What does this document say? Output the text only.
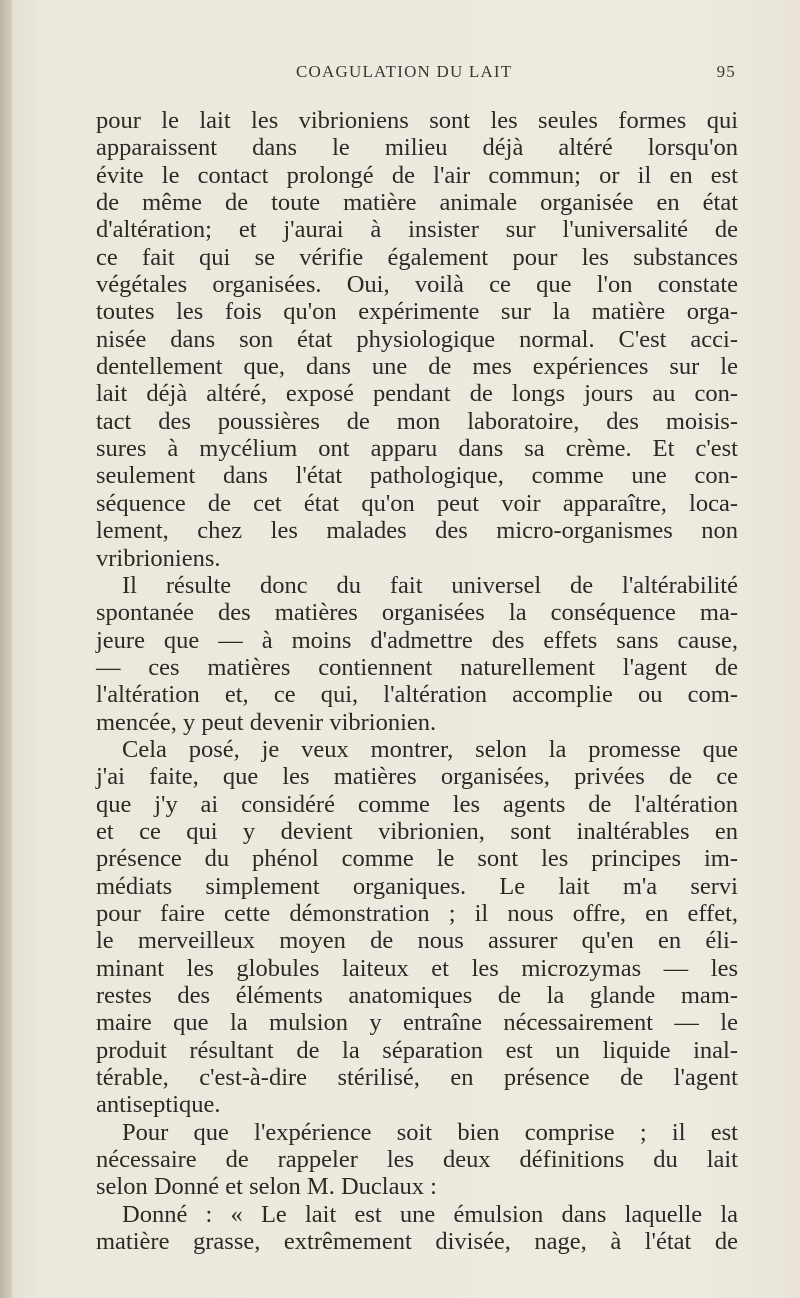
COAGULATION DU LAIT	95
pour le lait les vibrioniens sont les seules formes qui
apparaissent dans le milieu déjà altéré lorsqu'on
évite le contact prolongé de l'air commun; or il en est
de même de toute matière animale organisée en état
d'altération; et j'aurai à insister sur l'universalité de
ce fait qui se vérifie également pour les substances
végétales organisées. Oui, voilà ce que l'on constate
toutes les fois qu'on expérimente sur la matière orga-
nisée dans son état physiologique normal. C'est acci-
dentellement que, dans une de mes expériences sur le
lait déjà altéré, exposé pendant de longs jours au con-
tact des poussières de mon laboratoire, des moisis-
sures à mycélium ont apparu dans sa crème. Et c'est
seulement dans l'état pathologique, comme une con-
séquence de cet état qu'on peut voir apparaître, loca-
lement, chez les malades des micro-organismes non
vribrioniens.
Il résulte donc du fait universel de l'altérabilité
spontanée des matières organisées la conséquence ma-
jeure que — à moins d'admettre des effets sans cause,
— ces matières contiennent naturellement l'agent de
l'altération et, ce qui, l'altération accomplie ou com-
mencée, y peut devenir vibrionien.
Cela posé, je veux montrer, selon la promesse que
j'ai faite, que les matières organisées, privées de ce
que j'y ai considéré comme les agents de l'altération
et ce qui y devient vibrionien, sont inaltérables en
présence du phénol comme le sont les principes im-
médiats simplement organiques. Le lait m'a servi
pour faire cette démonstration ; il nous offre, en effet,
le merveilleux moyen de nous assurer qu'en en éli-
minant les globules laiteux et les microzymas — les
restes des éléments anatomiques de la glande mam-
maire que la mulsion y entraîne nécessairement — le
produit résultant de la séparation est un liquide inal-
térable, c'est-à-dire stérilisé, en présence de l'agent
antiseptique.
Pour que l'expérience soit bien comprise ; il est
nécessaire de rappeler les deux définitions du lait
selon Donné et selon M. Duclaux :
Donné : « Le lait est une émulsion dans laquelle la
matière grasse, extrêmement divisée, nage, à l'état de
